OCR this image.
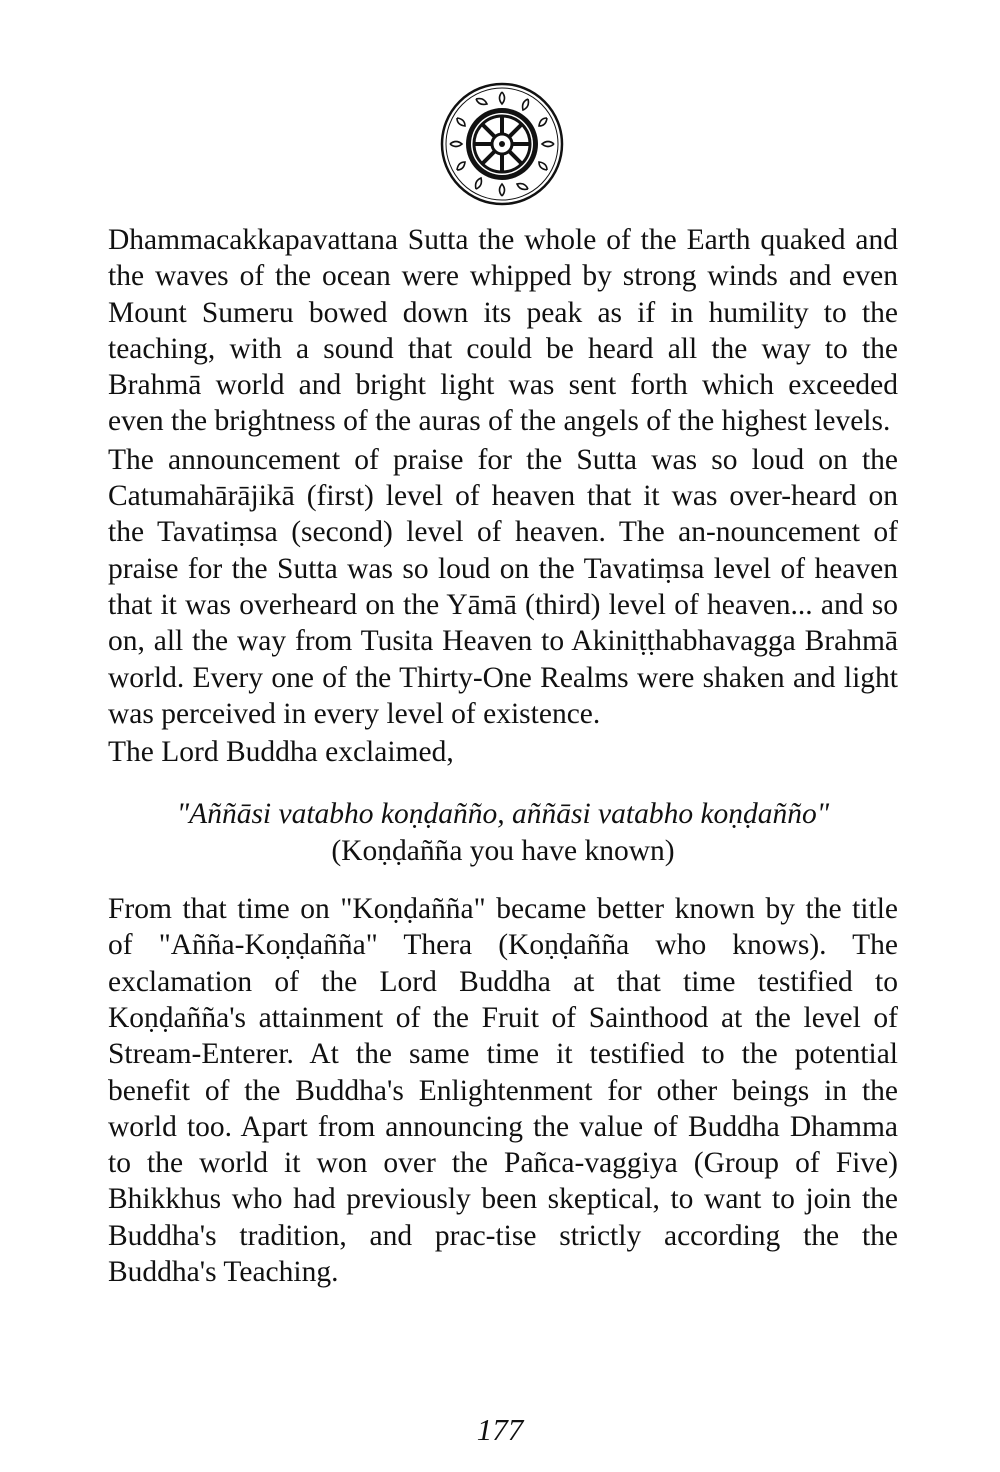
Dhammacakkapavattana Sutta the whole of the Earth quaked and the waves of the ocean were whipped by strong winds and even Mount Sumeru bowed down its peak as if in humility to the teaching, with a sound that could be heard all the way to the Brahmā world and bright light was sent forth which exceeded even the brightness of the auras of the angels of the highest levels.

The announcement of praise for the Sutta was so loud on the Catumahārājikā (first) level of heaven that it was over-heard on the Tavatiṃsa (second) level of heaven. The an-nouncement of praise for the Sutta was so loud on the Tavatiṃsa level of heaven that it was overheard on the Yāmā (third) level of heaven... and so on, all the way from Tusita Heaven to Akiniṭṭhabhavagga Brahmā world. Every one of the Thirty-One Realms were shaken and light was perceived in every level of existence.

The Lord Buddha exclaimed,

"Aññāsi vatabho koṇḍañño, aññāsi vatabho koṇḍañño"
(Koṇḍañña you have known)

From that time on "Koṇḍañña" became better known by the title of "Añña-Koṇḍañña" Thera (Koṇḍañña who knows). The exclamation of the Lord Buddha at that time testified to Koṇḍañña's attainment of the Fruit of Sainthood at the level of Stream-Enterer. At the same time it testified to the potential benefit of the Buddha's Enlightenment for other beings in the world too. Apart from announcing the value of Buddha Dhamma to the world it won over the Pañca-vaggiya (Group of Five) Bhikkhus who had previously been skeptical, to want to join the Buddha's tradition, and prac-tise strictly according the the Buddha's Teaching.

177
